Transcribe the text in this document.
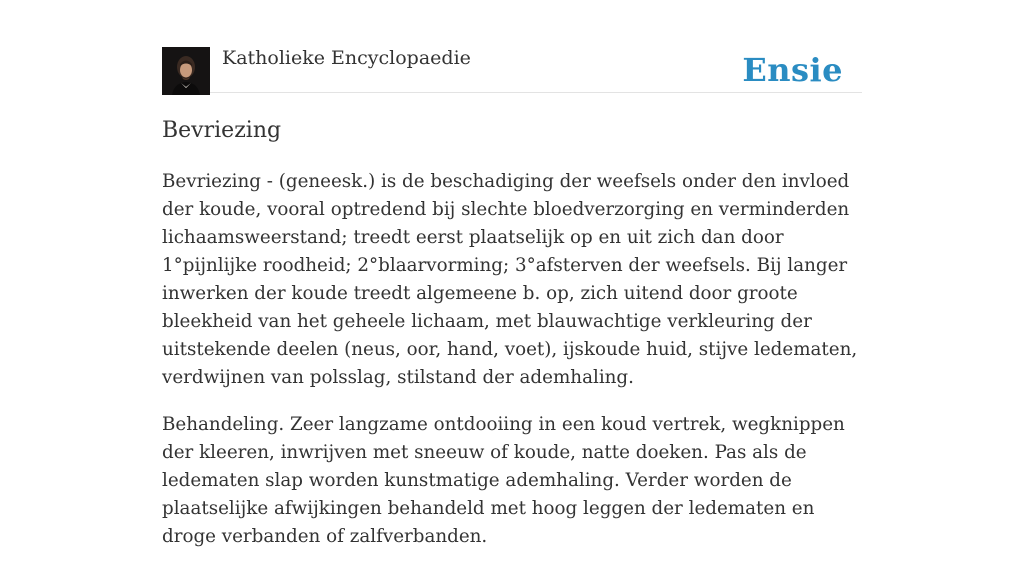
Katholieke Encyclopaedie	Ensie
Bevriezing

Bevriezing - (geneesk.) is de beschadiging der weefsels onder den invloed der koude, vooral optredend bij slechte bloedverzorging en verminderden lichaamsweerstand; treedt eerst plaatselijk op en uit zich dan door 1°pijnlijke roodheid; 2°blaarvorming; 3°afsterven der weefsels. Bij langer inwerken der koude treedt algemeene b. op, zich uitend door groote bleekheid van het geheele lichaam, met blauwachtige verkleuring der uitstekende deelen (neus, oor, hand, voet), ijskoude huid, stijve ledematen, verdwijnen van polsslag, stilstand der ademhaling.

Behandeling. Zeer langzame ontdooiing in een koud vertrek, wegknippen der kleeren, inwrijven met sneeuw of koude, natte doeken. Pas als de ledematen slap worden kunstmatige ademhaling. Verder worden de plaatselijke afwijkingen behandeld met hoog leggen der ledematen en droge verbanden of zalfverbanden.
